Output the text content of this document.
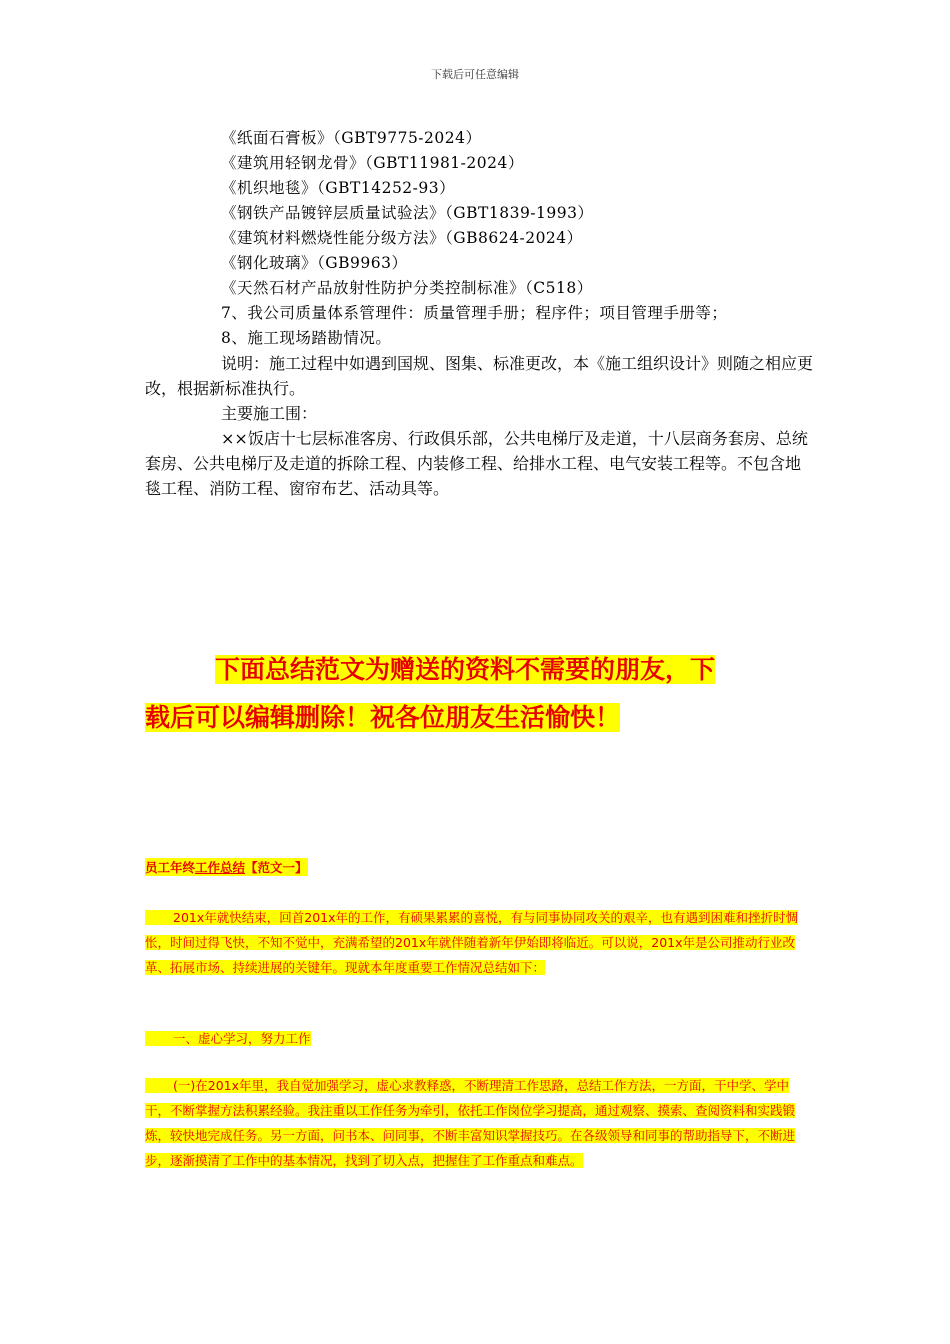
下载后可任意编辑
《纸面石膏板》（GBT9775-2024）
《建筑用轻钢龙骨》（GBT11981-2024）
《机织地毯》（GBT14252-93）
《钢铁产品镀锌层质量试验法》（GBT1839-1993）
《建筑材料燃烧性能分级方法》（GB8624-2024）
《钢化玻璃》（GB9963）
《天然石材产品放射性防护分类控制标准》（C518）
7、我公司质量体系管理件：质量管理手册；程序件；项目管理手册等；
8、施工现场踏勘情况。
说明：施工过程中如遇到国规、图集、标准更改，本《施工组织设计》则随之相应更改，根据新标准执行。
主要施工围：
××饭店十七层标准客房、行政俱乐部，公共电梯厅及走道，十八层商务套房、总统套房、公共电梯厅及走道的拆除工程、内装修工程、给排水工程、电气安装工程等。不包含地毯工程、消防工程、窗帘布艺、活动具等。
下面总结范文为赠送的资料不需要的朋友，下
载后可以编辑删除！祝各位朋友生活愉快！
员工年终工作总结【范文一】
201x年就快结束，回首201x年的工作，有硕果累累的喜悦，有与同事协同攻关的艰辛，也有遇到困难和挫折时惆怅，时间过得飞快，不知不觉中，充满希望的201x年就伴随着新年伊始即将临近。可以说，201x年是公司推动行业改革、拓展市场、持续进展的关键年。现就本年度重要工作情况总结如下：
一、虚心学习，努力工作
(一)在201x年里，我自觉加强学习，虚心求教释惑，不断理清工作思路，总结工作方法，一方面，干中学、学中干，不断掌握方法积累经验。我注重以工作任务为牵引，依托工作岗位学习提高，通过观察、摸索、查阅资料和实践锻炼，较快地完成任务。另一方面，问书本、问同事，不断丰富知识掌握技巧。在各级领导和同事的帮助指导下，不断进步，逐渐摸清了工作中的基本情况，找到了切入点，把握住了工作重点和难点。
